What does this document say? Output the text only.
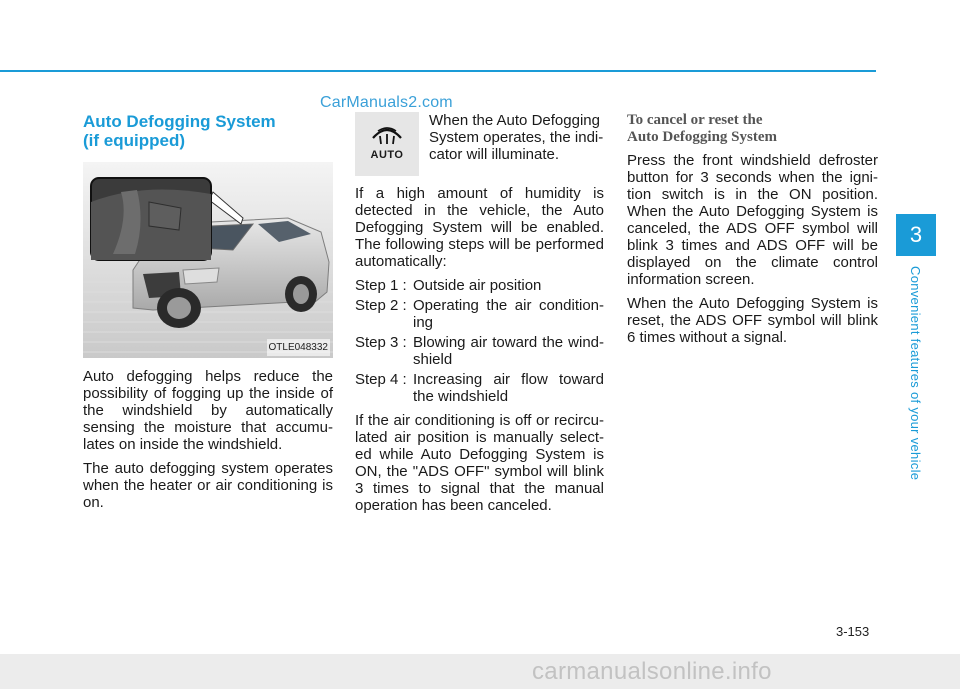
CarManuals2.com
Auto Defogging System
(if equipped)
OTLE048332

Auto defogging helps reduce the possibility of fogging up the inside of the windshield by automatically sensing the moisture that accumu-lates on inside the windshield.

The auto defogging system operates when the heater or air conditioning is on.

AUTO

When the Auto Defogging System operates, the indi-cator will illuminate.

If a high amount of humidity is detected in the vehicle, the Auto Defogging System will be enabled. The following steps will be performed automatically:

Step 1 : Outside air position
Step 2 : Operating the air condition-ing
Step 3 : Blowing air toward the wind-shield
Step 4 : Increasing air flow toward the windshield

If the air conditioning is off or recircu-lated air position is manually select-ed while Auto Defogging System is ON, the "ADS OFF" symbol will blink 3 times to signal that the manual operation has been canceled.

To cancel or reset the
Auto Defogging System

Press the front windshield defroster button for 3 seconds when the igni-tion switch is in the ON position. When the Auto Defogging System is canceled, the ADS OFF symbol will blink 3 times and ADS OFF will be displayed on the climate control information screen.

When the Auto Defogging System is reset, the ADS OFF symbol will blink 6 times without a signal.

3
Convenient features of your vehicle
3-153
carmanualsonline.info
